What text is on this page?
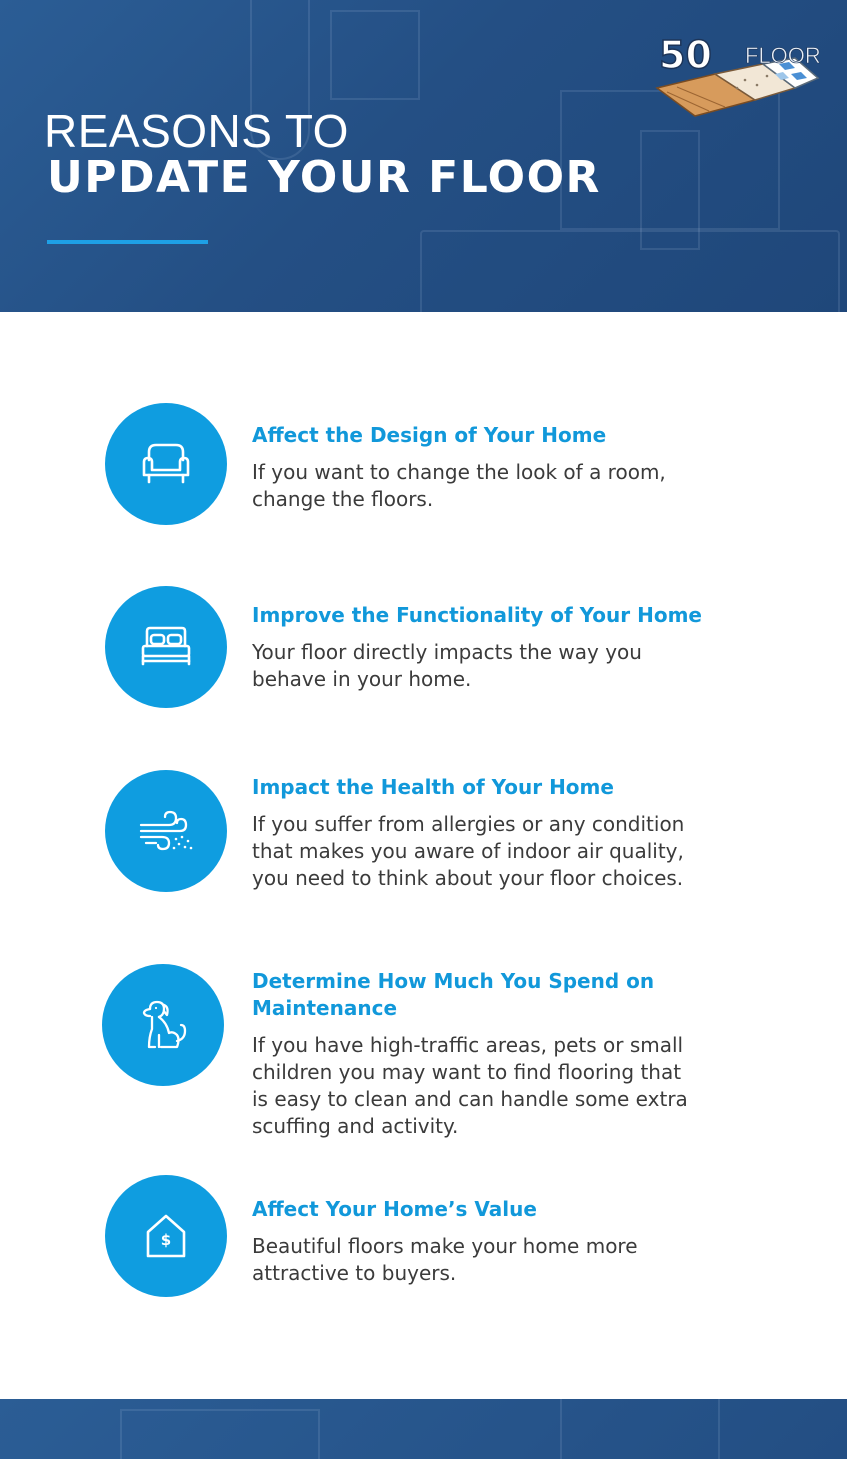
REASONS TO
UPDATE YOUR FLOOR
50 FLOOR
Affect the Design of Your Home
If you want to change the look of a room,
change the floors.
Improve the Functionality of Your Home
Your floor directly impacts the way you
behave in your home.
Impact the Health of Your Home
If you suffer from allergies or any condition
that makes you aware of indoor air quality,
you need to think about your floor choices.
Determine How Much You Spend on
Maintenance
If you have high-traffic areas, pets or small
children you may want to find flooring that
is easy to clean and can handle some extra
scuffing and activity.
$
Affect Your Home’s Value
Beautiful floors make your home more
attractive to buyers.
